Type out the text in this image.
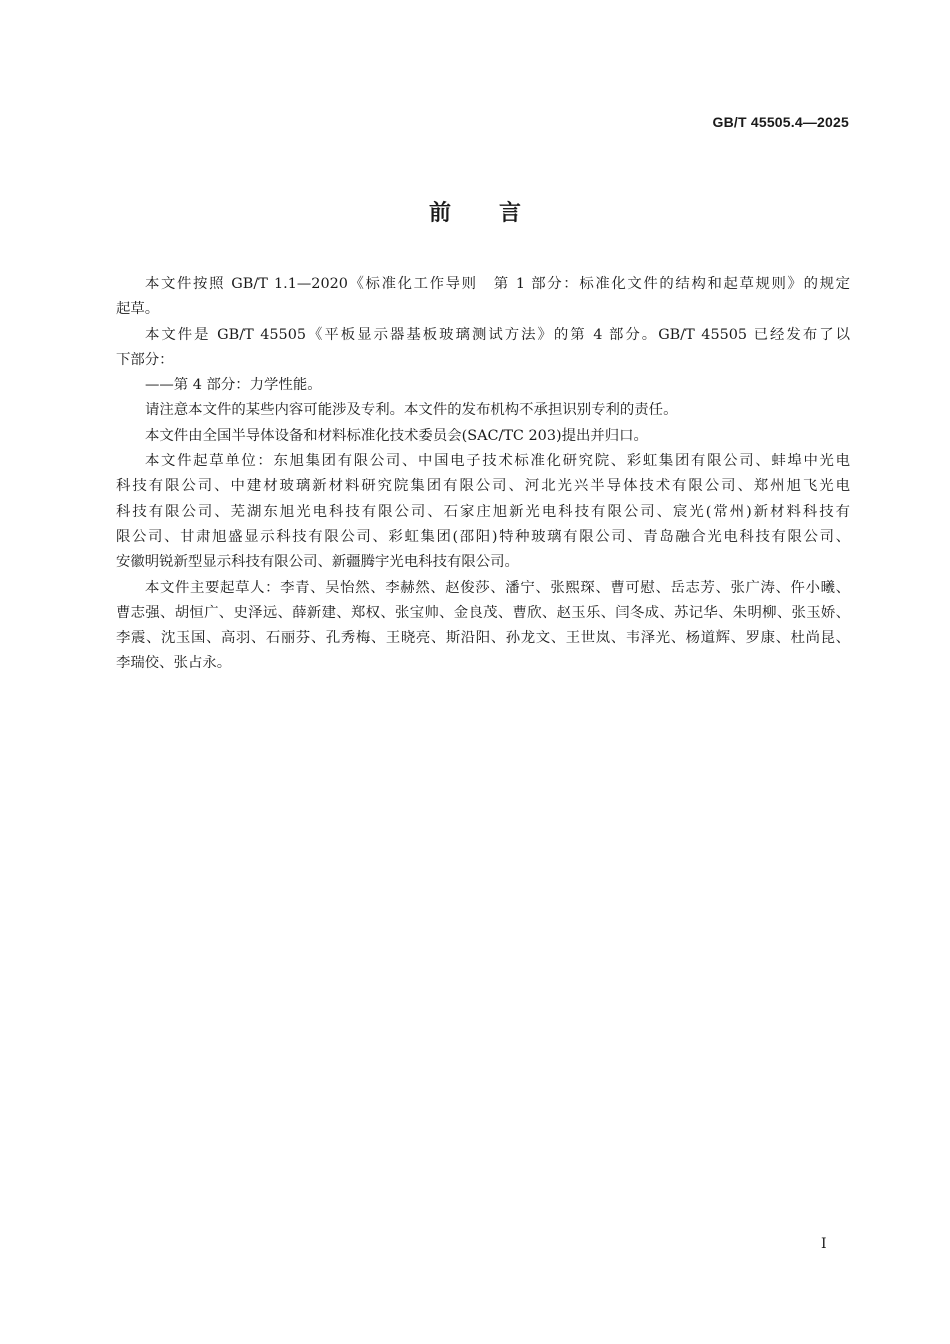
GB/T 45505.4—2025
前 言
本文件按照 GB/T 1.1—2020《标准化工作导则　第 1 部分：标准化文件的结构和起草规则》的规定
起草。
本文件是 GB/T 45505《平板显示器基板玻璃测试方法》的第 4 部分。GB/T 45505 已经发布了以
下部分：
——第 4 部分：力学性能。
请注意本文件的某些内容可能涉及专利。本文件的发布机构不承担识别专利的责任。
本文件由全国半导体设备和材料标准化技术委员会(SAC/TC 203)提出并归口。
本文件起草单位：东旭集团有限公司、中国电子技术标准化研究院、彩虹集团有限公司、蚌埠中光电
科技有限公司、中建材玻璃新材料研究院集团有限公司、河北光兴半导体技术有限公司、郑州旭飞光电
科技有限公司、芜湖东旭光电科技有限公司、石家庄旭新光电科技有限公司、宸光(常州)新材料科技有
限公司、甘肃旭盛显示科技有限公司、彩虹集团(邵阳)特种玻璃有限公司、青岛融合光电科技有限公司、
安徽明锐新型显示科技有限公司、新疆腾宇光电科技有限公司。
本文件主要起草人：李青、吴怡然、李赫然、赵俊莎、潘宁、张熙琛、曹可慰、岳志芳、张广涛、仵小曦、
曹志强、胡恒广、史泽远、薛新建、郑权、张宝帅、金良茂、曹欣、赵玉乐、闫冬成、苏记华、朱明柳、张玉娇、
李震、沈玉国、高羽、石丽芬、孔秀梅、王晓亮、斯沿阳、孙龙文、王世岚、韦泽光、杨道辉、罗康、杜尚昆、
李瑞佼、张占永。
I
